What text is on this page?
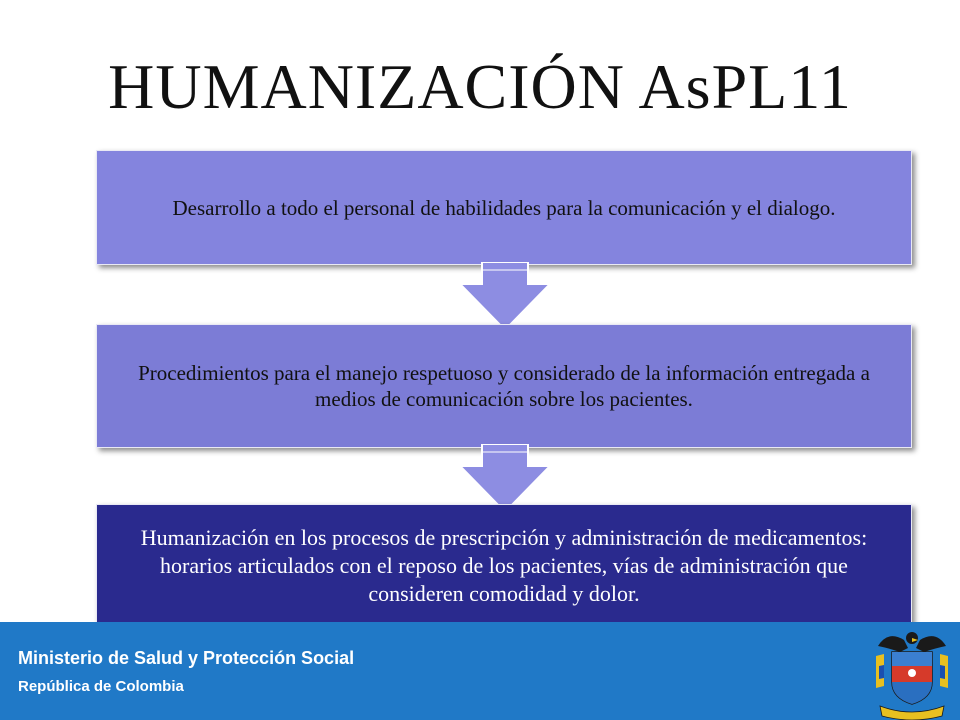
HUMANIZACIÓN AsPL11
Desarrollo a todo el personal de habilidades para la comunicación y el dialogo.
Procedimientos para el manejo respetuoso y considerado de la información entregada a medios de comunicación sobre los pacientes.
Humanización en los procesos de prescripción y administración de medicamentos: horarios articulados con el reposo de los pacientes, vías de administración que consideren comodidad y dolor.
Ministerio de Salud y Protección Social
República de Colombia
